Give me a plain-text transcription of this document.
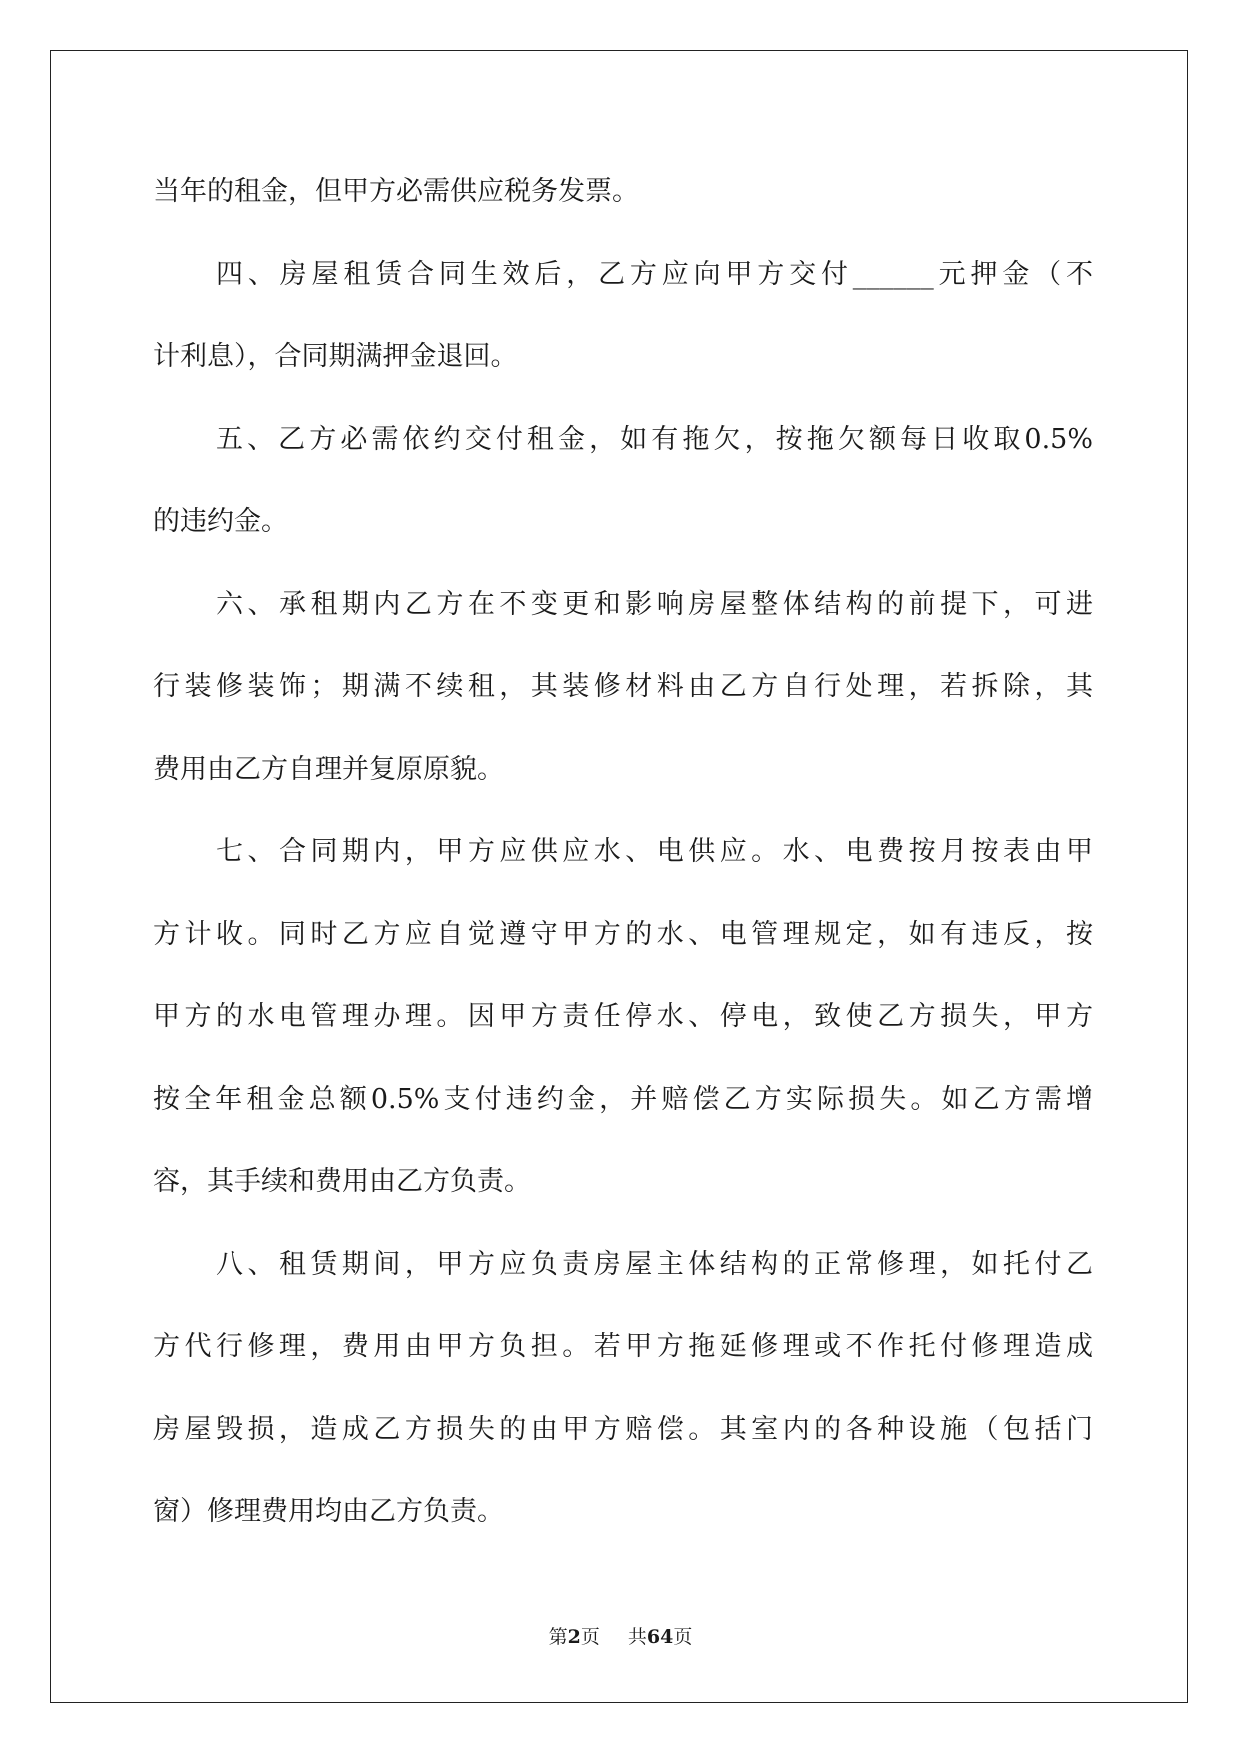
当年的租金，但甲方必需供应税务发票。
四、房屋租赁合同生效后，乙方应向甲方交付______元押金（不
计利息），合同期满押金退回。
五、乙方必需依约交付租金，如有拖欠，按拖欠额每日收取0.5%
的违约金。
六、承租期内乙方在不变更和影响房屋整体结构的前提下，可进
行装修装饰；期满不续租，其装修材料由乙方自行处理，若拆除，其
费用由乙方自理并复原原貌。
七、合同期内，甲方应供应水、电供应。水、电费按月按表由甲
方计收。同时乙方应自觉遵守甲方的水、电管理规定，如有违反，按
甲方的水电管理办理。因甲方责任停水、停电，致使乙方损失，甲方
按全年租金总额0.5%支付违约金，并赔偿乙方实际损失。如乙方需增
容，其手续和费用由乙方负责。
八、租赁期间，甲方应负责房屋主体结构的正常修理，如托付乙
方代行修理，费用由甲方负担。若甲方拖延修理或不作托付修理造成
房屋毁损，造成乙方损失的由甲方赔偿。其室内的各种设施（包括门
窗）修理费用均由乙方负责。
第2页 共64页
